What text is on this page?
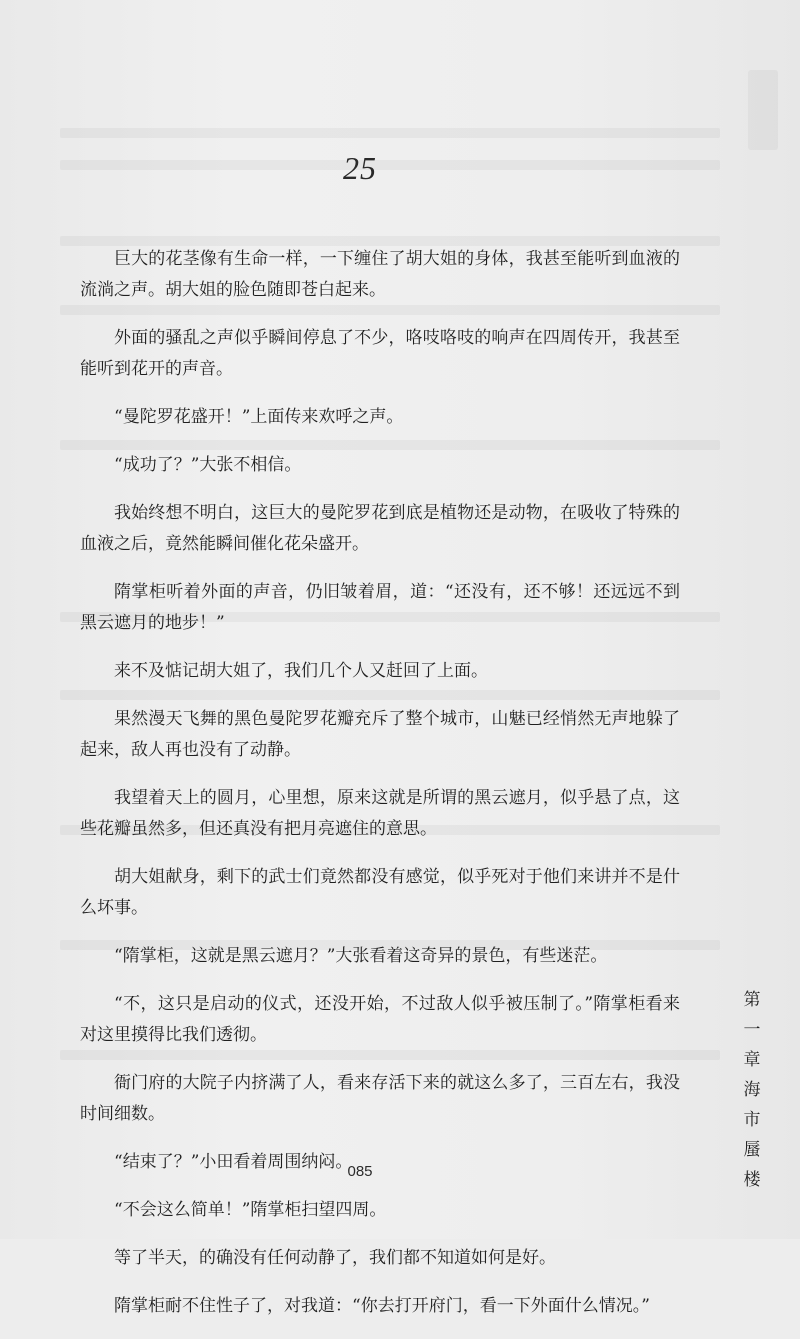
25

巨大的花茎像有生命一样，一下缠住了胡大姐的身体，我甚至能听到血液的流淌之声。胡大姐的脸色随即苍白起来。

外面的骚乱之声似乎瞬间停息了不少，咯吱咯吱的响声在四周传开，我甚至能听到花开的声音。

“曼陀罗花盛开！”上面传来欢呼之声。

“成功了？”大张不相信。

我始终想不明白，这巨大的曼陀罗花到底是植物还是动物，在吸收了特殊的血液之后，竟然能瞬间催化花朵盛开。

隋掌柜听着外面的声音，仍旧皱着眉，道：“还没有，还不够！还远远不到黑云遮月的地步！”

来不及惦记胡大姐了，我们几个人又赶回了上面。

果然漫天飞舞的黑色曼陀罗花瓣充斥了整个城市，山魅已经悄然无声地躲了起来，敌人再也没有了动静。

我望着天上的圆月，心里想，原来这就是所谓的黑云遮月，似乎悬了点，这些花瓣虽然多，但还真没有把月亮遮住的意思。

胡大姐献身，剩下的武士们竟然都没有感觉，似乎死对于他们来讲并不是什么坏事。

“隋掌柜，这就是黑云遮月？”大张看着这奇异的景色，有些迷茫。

“不，这只是启动的仪式，还没开始，不过敌人似乎被压制了。”隋掌柜看来对这里摸得比我们透彻。

衙门府的大院子内挤满了人，看来存活下来的就这么多了，三百左右，我没时间细数。

“结束了？”小田看着周围纳闷。

“不会这么简单！”隋掌柜扫望四周。

等了半天，的确没有任何动静了，我们都不知道如何是好。

隋掌柜耐不住性子了，对我道：“你去打开府门，看一下外面什么情况。”

第
一
章
海
市
蜃
楼
085
